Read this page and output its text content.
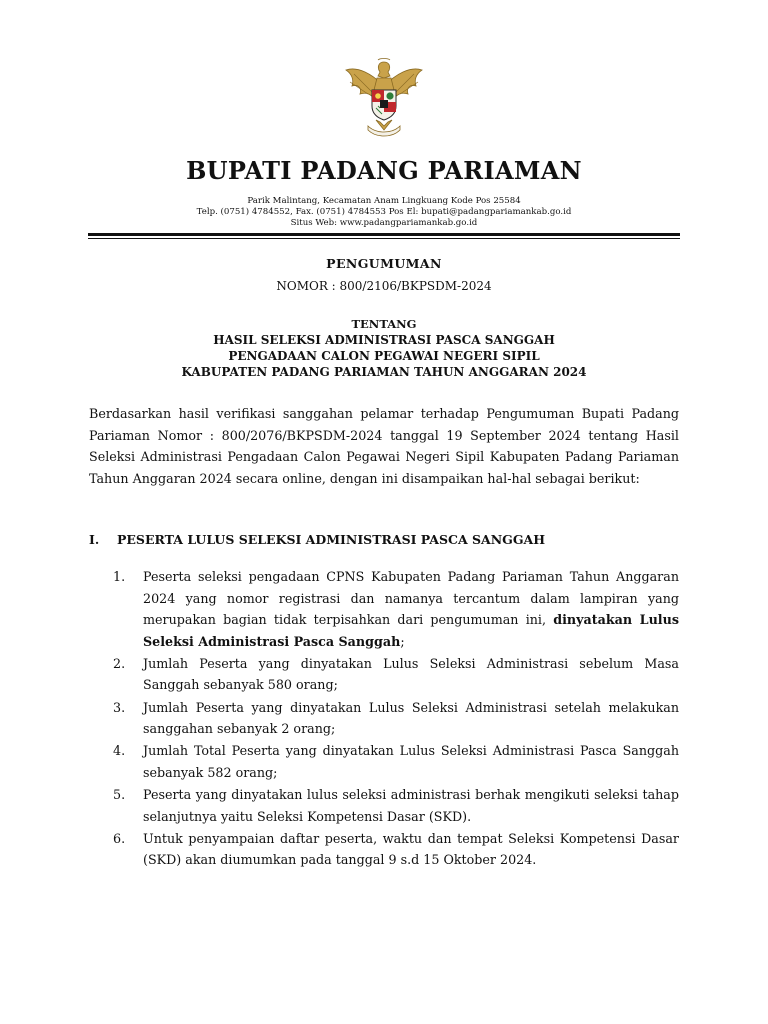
BUPATI PADANG PARIAMAN
Parik Malintang, Kecamatan Anam Lingkuang Kode Pos 25584
Telp. (0751) 4784552, Fax. (0751) 4784553 Pos El: bupati@padangpariamankab.go.id
Situs Web: www.padangpariamankab.go.id
PENGUMUMAN
NOMOR : 800/2106/BKPSDM-2024
TENTANG
HASIL SELEKSI ADMINISTRASI PASCA SANGGAH
PENGADAAN CALON PEGAWAI NEGERI SIPIL
KABUPATEN PADANG PARIAMAN TAHUN ANGGARAN 2024
Berdasarkan hasil verifikasi sanggahan pelamar terhadap Pengumuman Bupati Padang Pariaman Nomor : 800/2076/BKPSDM-2024 tanggal 19 September 2024 tentang Hasil Seleksi Administrasi Pengadaan Calon Pegawai Negeri Sipil Kabupaten Padang Pariaman Tahun Anggaran 2024 secara online, dengan ini disampaikan hal-hal sebagai berikut:
I. PESERTA LULUS SELEKSI ADMINISTRASI PASCA SANGGAH
1. Peserta seleksi pengadaan CPNS Kabupaten Padang Pariaman Tahun Anggaran 2024 yang nomor registrasi dan namanya tercantum dalam lampiran yang merupakan bagian tidak terpisahkan dari pengumuman ini, dinyatakan Lulus Seleksi Administrasi Pasca Sanggah;
2. Jumlah Peserta yang dinyatakan Lulus Seleksi Administrasi sebelum Masa Sanggah sebanyak 580 orang;
3. Jumlah Peserta yang dinyatakan Lulus Seleksi Administrasi setelah melakukan sanggahan sebanyak 2 orang;
4. Jumlah Total Peserta yang dinyatakan Lulus Seleksi Administrasi Pasca Sanggah sebanyak 582 orang;
5. Peserta yang dinyatakan lulus seleksi administrasi berhak mengikuti seleksi tahap selanjutnya yaitu Seleksi Kompetensi Dasar (SKD).
6. Untuk penyampaian daftar peserta, waktu dan tempat Seleksi Kompetensi Dasar (SKD) akan diumumkan pada tanggal 9 s.d 15 Oktober 2024.
